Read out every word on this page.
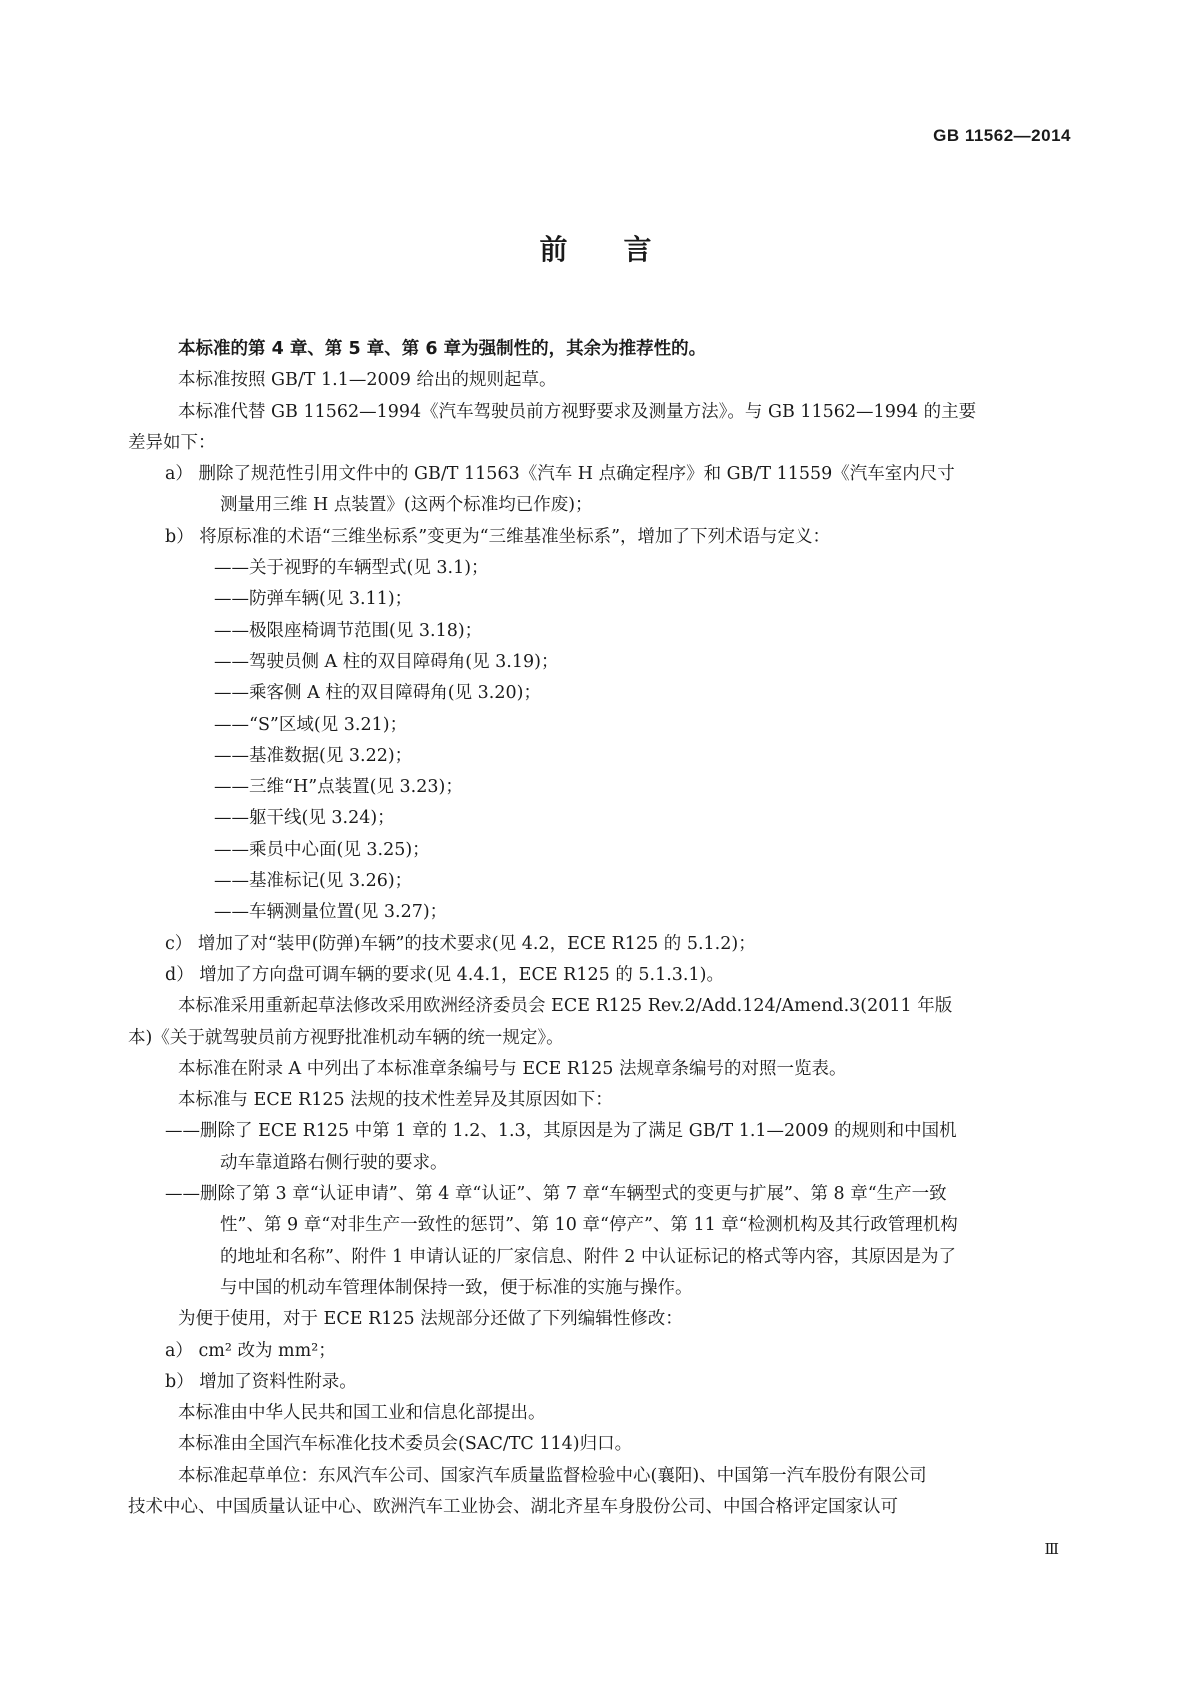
GB 11562—2014
前言
本标准的第 4 章、第 5 章、第 6 章为强制性的，其余为推荐性的。
本标准按照 GB/T 1.1—2009 给出的规则起草。
本标准代替 GB 11562—1994《汽车驾驶员前方视野要求及测量方法》。与 GB 11562—1994 的主要
差异如下：
a） 删除了规范性引用文件中的 GB/T 11563《汽车 H 点确定程序》和 GB/T 11559《汽车室内尺寸
测量用三维 H 点装置》(这两个标准均已作废)；
b） 将原标准的术语“三维坐标系”变更为“三维基准坐标系”，增加了下列术语与定义：
——关于视野的车辆型式(见 3.1)；
——防弹车辆(见 3.11)；
——极限座椅调节范围(见 3.18)；
——驾驶员侧 A 柱的双目障碍角(见 3.19)；
——乘客侧 A 柱的双目障碍角(见 3.20)；
——“S”区域(见 3.21)；
——基准数据(见 3.22)；
——三维“H”点装置(见 3.23)；
——躯干线(见 3.24)；
——乘员中心面(见 3.25)；
——基准标记(见 3.26)；
——车辆测量位置(见 3.27)；
c） 增加了对“装甲(防弹)车辆”的技术要求(见 4.2，ECE R125 的 5.1.2)；
d） 增加了方向盘可调车辆的要求(见 4.4.1，ECE R125 的 5.1.3.1)。
本标准采用重新起草法修改采用欧洲经济委员会 ECE R125 Rev.2/Add.124/Amend.3(2011 年版
本)《关于就驾驶员前方视野批准机动车辆的统一规定》。
本标准在附录 A 中列出了本标准章条编号与 ECE R125 法规章条编号的对照一览表。
本标准与 ECE R125 法规的技术性差异及其原因如下：
——删除了 ECE R125 中第 1 章的 1.2、1.3，其原因是为了满足 GB/T 1.1—2009 的规则和中国机
动车靠道路右侧行驶的要求。
——删除了第 3 章“认证申请”、第 4 章“认证”、第 7 章“车辆型式的变更与扩展”、第 8 章“生产一致
性”、第 9 章“对非生产一致性的惩罚”、第 10 章“停产”、第 11 章“检测机构及其行政管理机构
的地址和名称”、附件 1 申请认证的厂家信息、附件 2 中认证标记的格式等内容，其原因是为了
与中国的机动车管理体制保持一致，便于标准的实施与操作。
为便于使用，对于 ECE R125 法规部分还做了下列编辑性修改：
a） cm² 改为 mm²；
b） 增加了资料性附录。
本标准由中华人民共和国工业和信息化部提出。
本标准由全国汽车标准化技术委员会(SAC/TC 114)归口。
本标准起草单位：东风汽车公司、国家汽车质量监督检验中心(襄阳)、中国第一汽车股份有限公司
技术中心、中国质量认证中心、欧洲汽车工业协会、湖北齐星车身股份公司、中国合格评定国家认可
Ⅲ
